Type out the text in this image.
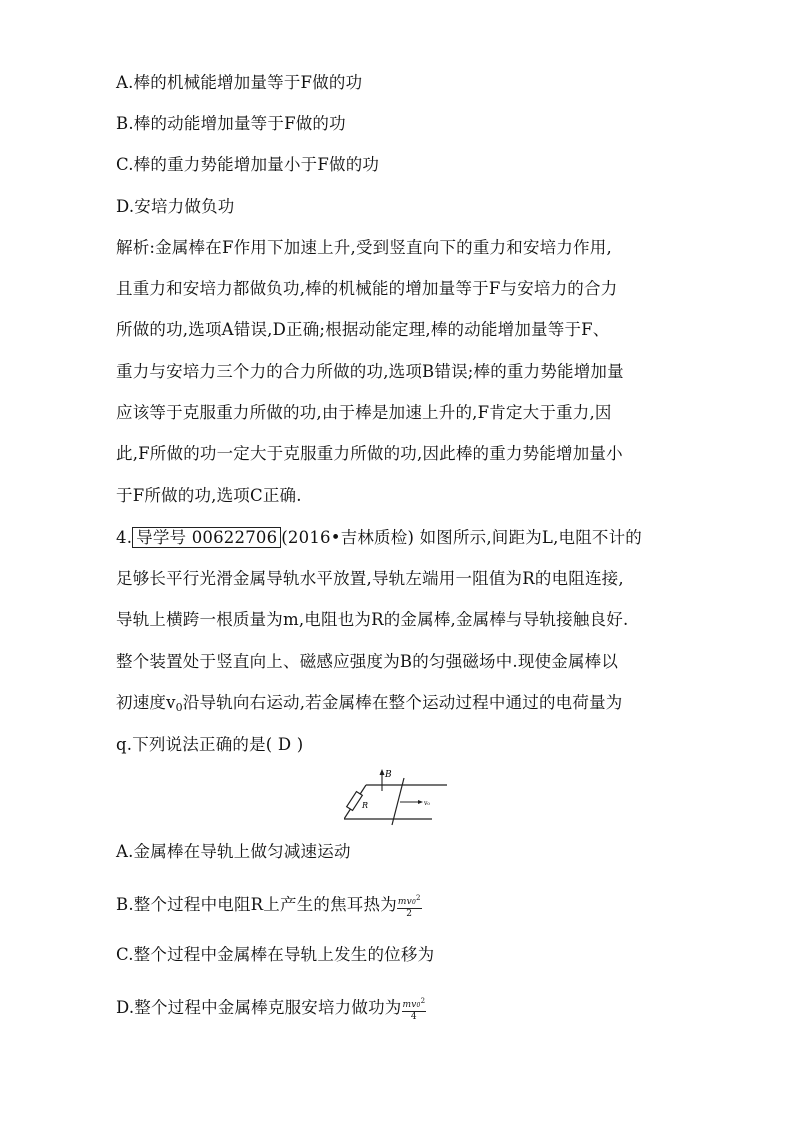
A.棒的机械能增加量等于F做的功
B.棒的动能增加量等于F做的功
C.棒的重力势能增加量小于F做的功
D.安培力做负功
解析:金属棒在F作用下加速上升,受到竖直向下的重力和安培力作用,
且重力和安培力都做负功,棒的机械能的增加量等于F与安培力的合力
所做的功,选项A错误,D正确;根据动能定理,棒的动能增加量等于F、
重力与安培力三个力的合力所做的功,选项B错误;棒的重力势能增加量
应该等于克服重力所做的功,由于棒是加速上升的,F肯定大于重力,因
此,F所做的功一定大于克服重力所做的功,因此棒的重力势能增加量小
于F所做的功,选项C正确.
4. 导学号 00622706 (2016•吉林质检) 如图所示,间距为L,电阻不计的
足够长平行光滑金属导轨水平放置,导轨左端用一阻值为R的电阻连接,
导轨上横跨一根质量为m,电阻也为R的金属棒,金属棒与导轨接触良好.
整个装置处于竖直向上、磁感应强度为B的匀强磁场中.现使金属棒以
初速度$v_0$沿导轨向右运动,若金属棒在整个运动过程中通过的电荷量为
q.下列说法正确的是( D )
B
R	v₀
A.金属棒在导轨上做匀减速运动
B.整个过程中电阻R上产生的焦耳热为 $\frac{mv0^2}{2}$
C.整个过程中金属棒在导轨上发生的位移为
D.整个过程中金属棒克服安培力做功为 $\frac{mv0^2}{4}$
